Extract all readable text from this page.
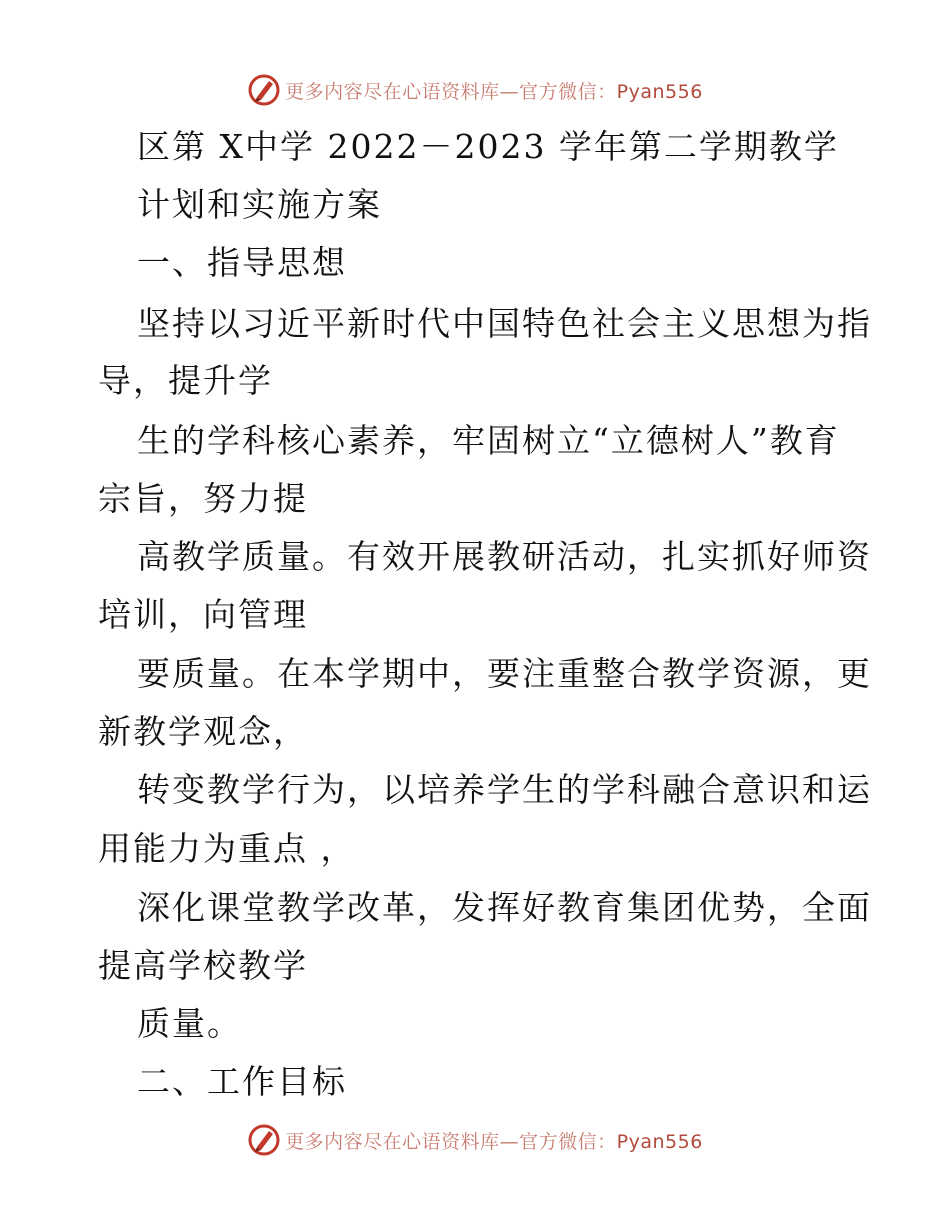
更多内容尽在心语资料库—官方微信：Pyan556
区第 X中学 2022－2023 学年第二学期教学
计划和实施方案
一、指导思想
坚持以习近平新时代中国特色社会主义思想为指
导，提升学
生的学科核心素养，牢固树立“立德树人”教育
宗旨，努力提
高教学质量。有效开展教研活动，扎实抓好师资
培训，向管理
要质量。在本学期中，要注重整合教学资源，更
新教学观念，
转变教学行为，以培养学生的学科融合意识和运
用能力为重点 ，
深化课堂教学改革，发挥好教育集团优势，全面
提高学校教学
质量。
二、工作目标
更多内容尽在心语资料库—官方微信：Pyan556
